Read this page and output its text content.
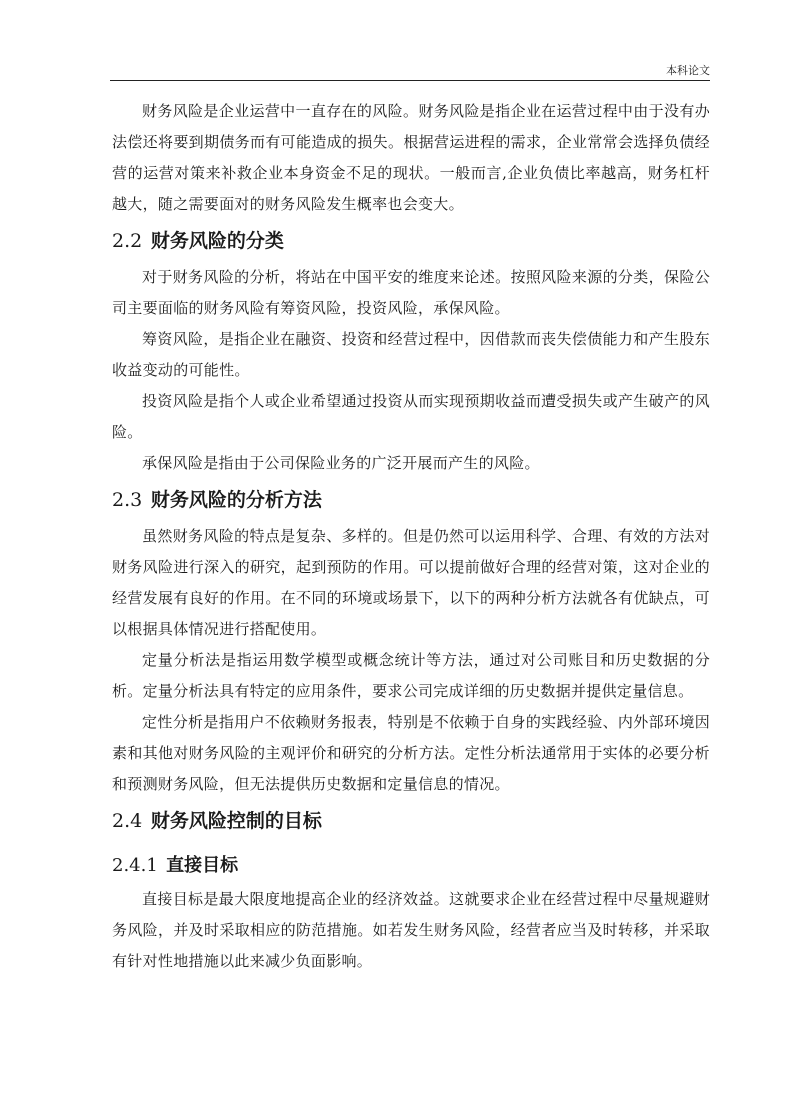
本科论文

财务风险是企业运营中一直存在的风险。财务风险是指企业在运营过程中由于没有办法偿还将要到期债务而有可能造成的损失。根据营运进程的需求，企业常常会选择负债经营的运营对策来补救企业本身资金不足的现状。一般而言,企业负债比率越高，财务杠杆越大，随之需要面对的财务风险发生概率也会变大。

2.2 财务风险的分类

对于财务风险的分析，将站在中国平安的维度来论述。按照风险来源的分类，保险公司主要面临的财务风险有筹资风险，投资风险，承保风险。

筹资风险，是指企业在融资、投资和经营过程中，因借款而丧失偿债能力和产生股东收益变动的可能性。

投资风险是指个人或企业希望通过投资从而实现预期收益而遭受损失或产生破产的风险。

承保风险是指由于公司保险业务的广泛开展而产生的风险。

2.3 财务风险的分析方法

虽然财务风险的特点是复杂、多样的。但是仍然可以运用科学、合理、有效的方法对财务风险进行深入的研究，起到预防的作用。可以提前做好合理的经营对策，这对企业的经营发展有良好的作用。在不同的环境或场景下，以下的两种分析方法就各有优缺点，可以根据具体情况进行搭配使用。

定量分析法是指运用数学模型或概念统计等方法，通过对公司账目和历史数据的分析。定量分析法具有特定的应用条件，要求公司完成详细的历史数据并提供定量信息。

定性分析是指用户不依赖财务报表，特别是不依赖于自身的实践经验、内外部环境因素和其他对财务风险的主观评价和研究的分析方法。定性分析法通常用于实体的必要分析和预测财务风险，但无法提供历史数据和定量信息的情况。

2.4 财务风险控制的目标
2.4.1 直接目标

直接目标是最大限度地提高企业的经济效益。这就要求企业在经营过程中尽量规避财务风险，并及时采取相应的防范措施。如若发生财务风险，经营者应当及时转移，并采取有针对性地措施以此来减少负面影响。
